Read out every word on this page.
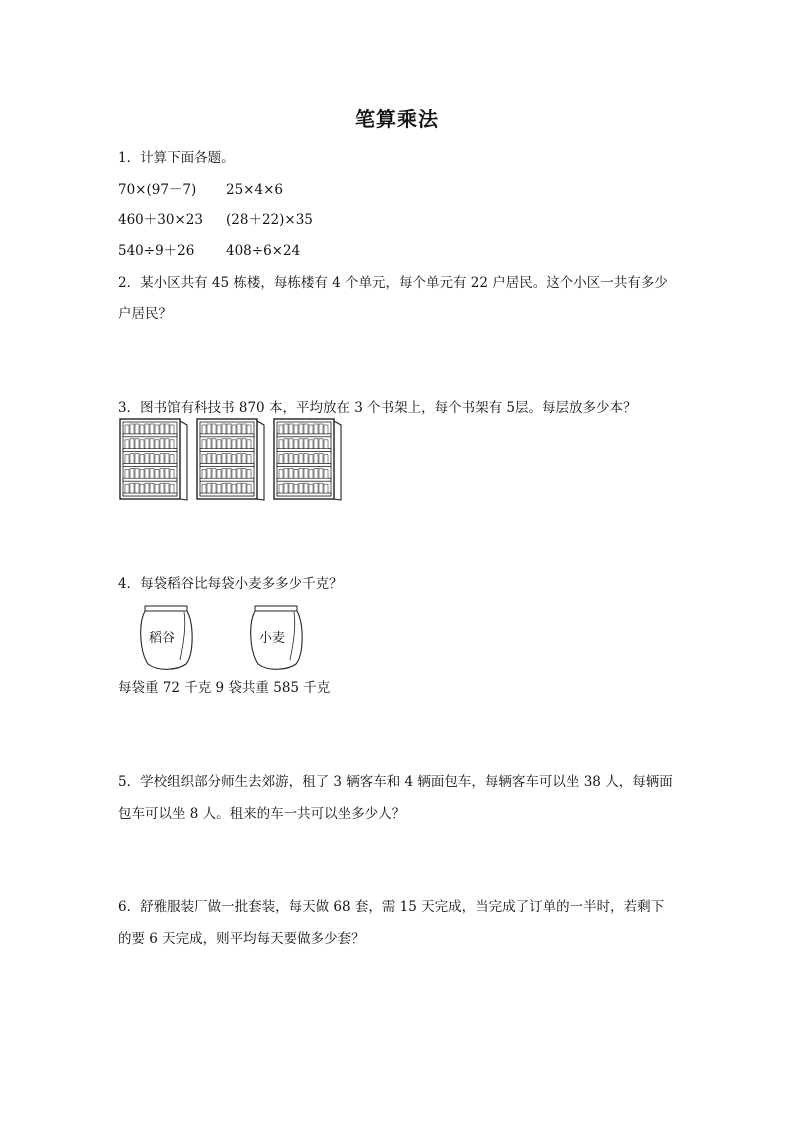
笔算乘法
1．计算下面各题。
70×(97－7) 25×4×6
460＋30×23 (28＋22)×35
540÷9＋26 408÷6×24
2．某小区共有 45 栋楼，每栋楼有 4 个单元，每个单元有 22 户居民。这个小区一共有多少
户居民？
3．图书馆有科技书 870 本，平均放在 3 个书架上，每个书架有 5层。每层放多少本？
4．每袋稻谷比每袋小麦多多少千克？
稻谷	小麦
每袋重 72 千克 9 袋共重 585 千克
5．学校组织部分师生去郊游，租了 3 辆客车和 4 辆面包车，每辆客车可以坐 38 人，每辆面
包车可以坐 8 人。租来的车一共可以坐多少人？
6．舒雅服装厂做一批套装，每天做 68 套，需 15 天完成，当完成了订单的一半时，若剩下
的要 6 天完成，则平均每天要做多少套？
